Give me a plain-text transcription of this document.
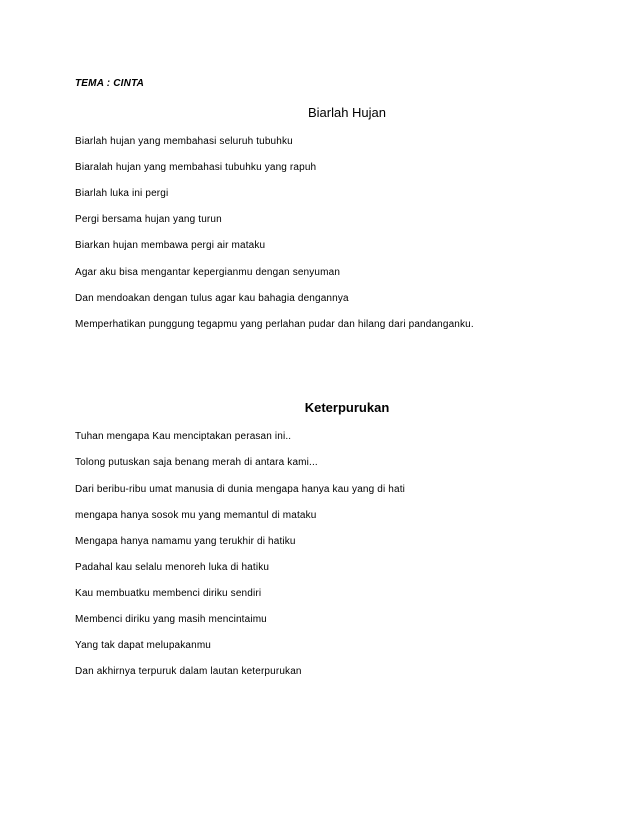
TEMA : CINTA
Biarlah Hujan
Biarlah hujan yang membahasi seluruh tubuhku
Biaralah hujan yang membahasi tubuhku yang rapuh
Biarlah luka ini pergi
Pergi bersama hujan yang turun
Biarkan hujan membawa pergi air mataku
Agar aku bisa mengantar kepergianmu dengan senyuman
Dan mendoakan dengan tulus agar kau bahagia dengannya
Memperhatikan punggung tegapmu yang perlahan pudar dan hilang dari pandanganku.
Keterpurukan
Tuhan mengapa Kau menciptakan perasan ini..
Tolong putuskan saja benang merah di antara kami...
Dari beribu-ribu umat manusia di dunia mengapa hanya kau yang di hati
mengapa hanya sosok mu yang memantul di mataku
Mengapa hanya namamu yang terukhir di hatiku
Padahal kau selalu menoreh luka di hatiku
Kau membuatku membenci diriku sendiri
Membenci diriku yang masih mencintaimu
Yang tak dapat melupakanmu
Dan akhirnya terpuruk dalam lautan keterpurukan
